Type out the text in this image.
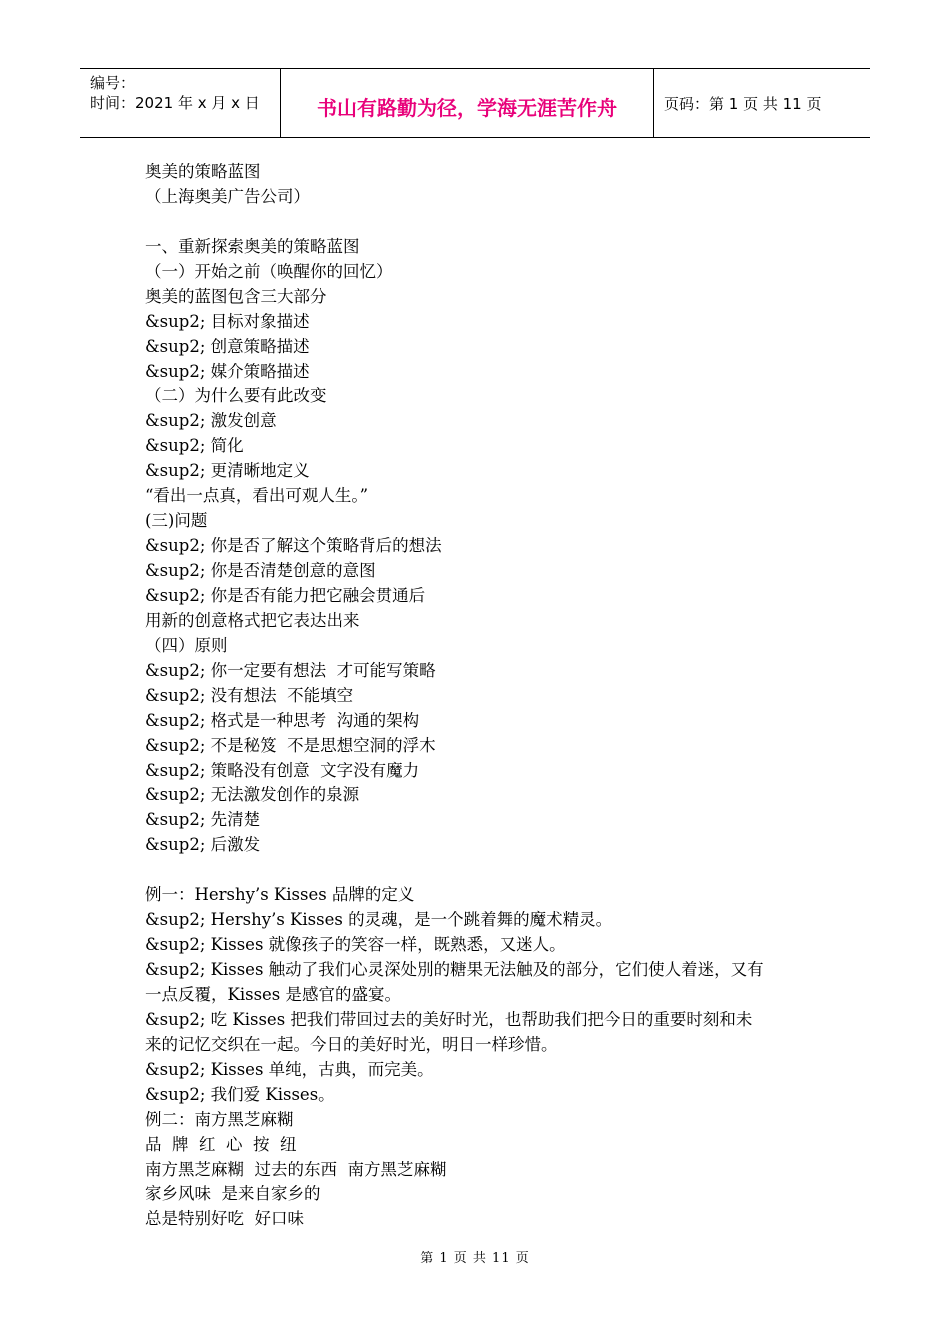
编号：
时间：2021 年 x 月 x 日	书山有路勤为径，学海无涯苦作舟	页码：第 1 页 共 11 页
奥美的策略蓝图
（上海奥美广告公司）
一、重新探索奥美的策略蓝图
（一）开始之前（唤醒你的回忆）
奥美的蓝图包含三大部分
&sup2; 目标对象描述
&sup2; 创意策略描述
&sup2; 媒介策略描述
（二）为什么要有此改变
&sup2; 激发创意
&sup2; 简化
&sup2; 更清晰地定义
“看出一点真，看出可观人生。”
(三)问题
&sup2; 你是否了解这个策略背后的想法
&sup2; 你是否清楚创意的意图
&sup2; 你是否有能力把它融会贯通后
用新的创意格式把它表达出来
（四）原则
&sup2; 你一定要有想法  才可能写策略
&sup2; 没有想法  不能填空
&sup2; 格式是一种思考  沟通的架构
&sup2; 不是秘笈  不是思想空洞的浮木
&sup2; 策略没有创意  文字没有魔力
&sup2; 无法激发创作的泉源
&sup2; 先清楚
&sup2; 后激发
例一：Hershy’s Kisses 品牌的定义
&sup2; Hershy’s Kisses 的灵魂，是一个跳着舞的魔术精灵。
&sup2; Kisses 就像孩子的笑容一样，既熟悉，又迷人。
&sup2; Kisses 触动了我们心灵深处別的糖果无法触及的部分，它们使人着迷，又有
一点反覆，Kisses 是感官的盛宴。
&sup2; 吃 Kisses 把我们带回过去的美好时光，也帮助我们把今日的重要时刻和未
来的记忆交织在一起。今日的美好时光，明日一样珍惜。
&sup2; Kisses 单纯，古典，而完美。
&sup2; 我们爱 Kisses。
例二：南方黑芝麻糊
品  牌  红  心  按  纽
南方黑芝麻糊  过去的东西  南方黑芝麻糊
家乡风味  是来自家乡的
总是特别好吃  好口味
第 1 页 共 11 页
